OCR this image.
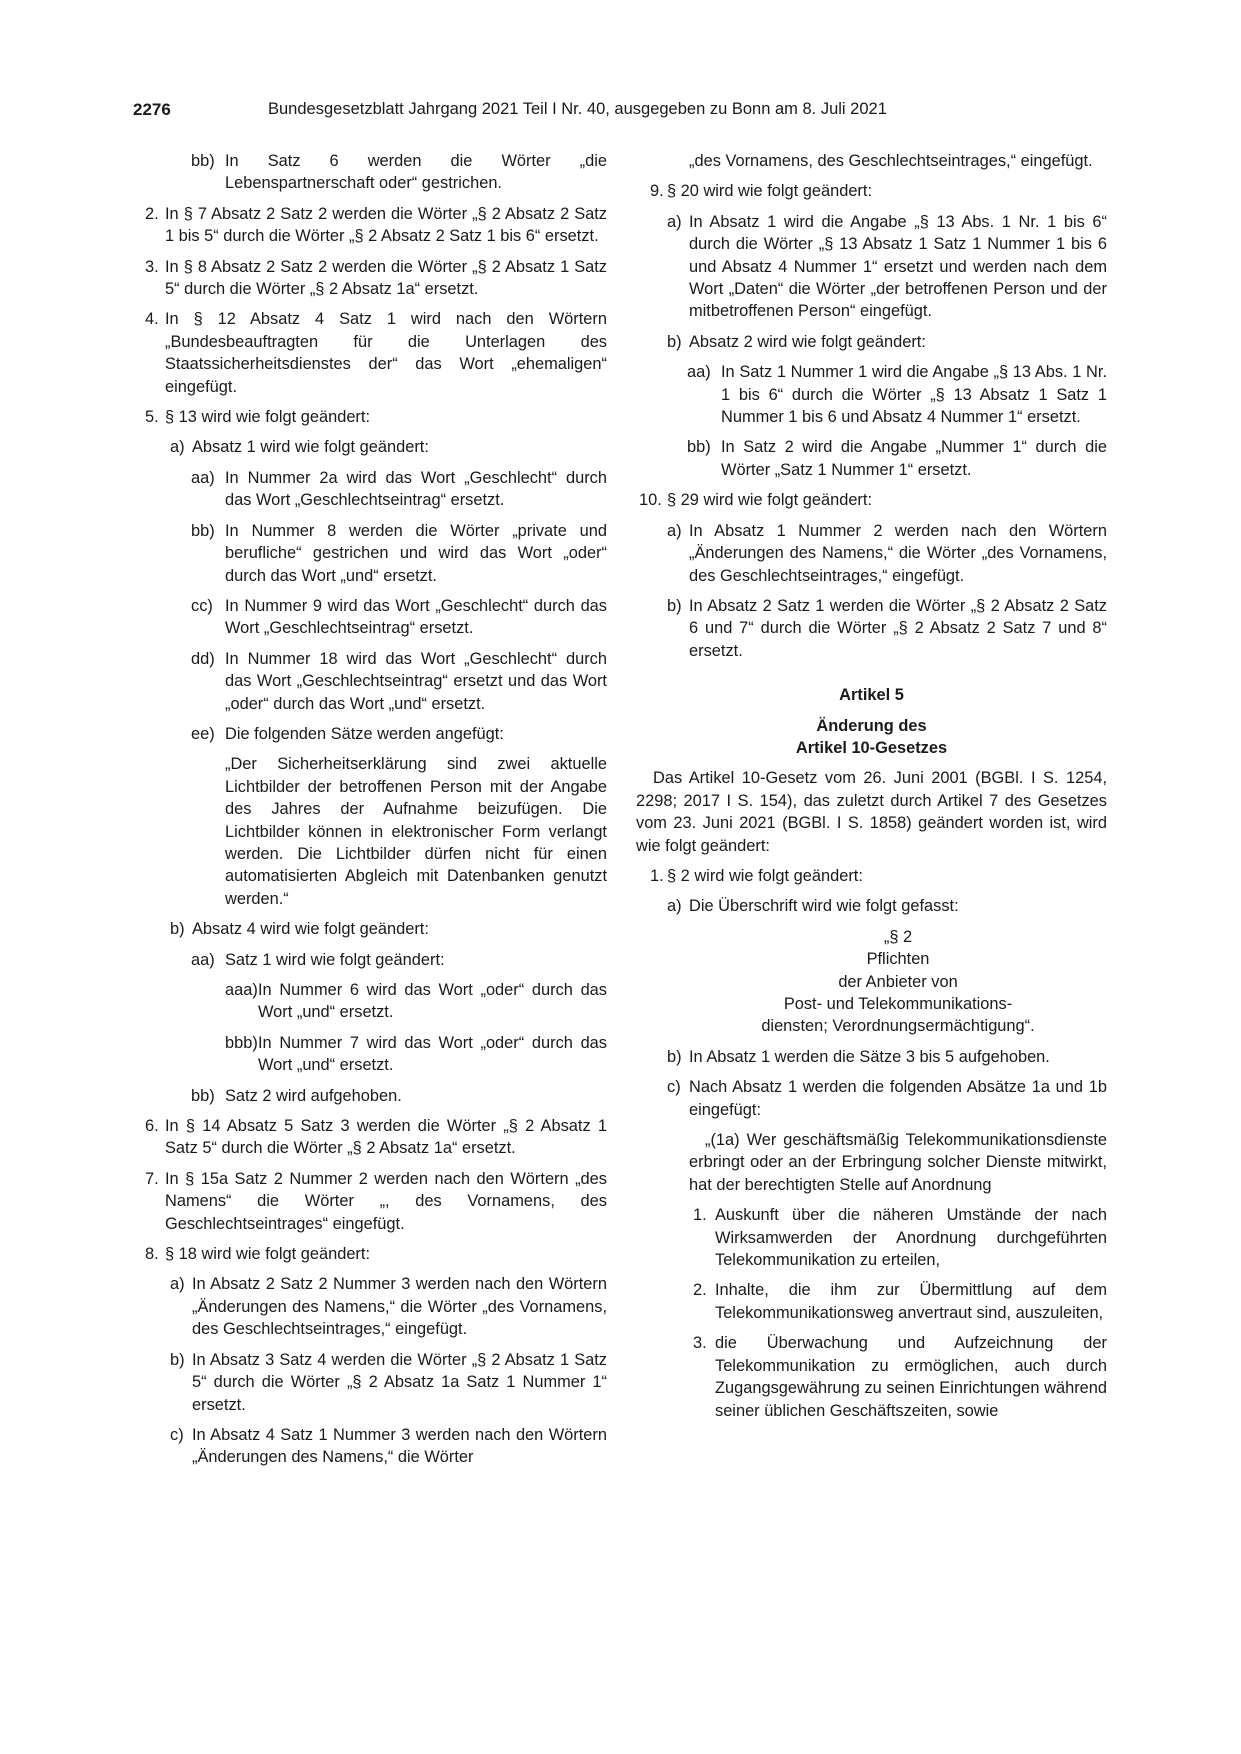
2276	Bundesgesetzblatt Jahrgang 2021 Teil I Nr. 40, ausgegeben zu Bonn am 8. Juli 2021
bb) In Satz 6 werden die Wörter „die Lebenspartnerschaft oder“ gestrichen.
2. In § 7 Absatz 2 Satz 2 werden die Wörter „§ 2 Absatz 2 Satz 1 bis 5“ durch die Wörter „§ 2 Absatz 2 Satz 1 bis 6“ ersetzt.
3. In § 8 Absatz 2 Satz 2 werden die Wörter „§ 2 Absatz 1 Satz 5“ durch die Wörter „§ 2 Absatz 1a“ ersetzt.
4. In § 12 Absatz 4 Satz 1 wird nach den Wörtern „Bundesbeauftragten für die Unterlagen des Staatssicherheitsdienstes der“ das Wort „ehemaligen“ eingefügt.
5. § 13 wird wie folgt geändert:
a) Absatz 1 wird wie folgt geändert:
aa) In Nummer 2a wird das Wort „Geschlecht“ durch das Wort „Geschlechtseintrag“ ersetzt.
bb) In Nummer 8 werden die Wörter „private und berufliche“ gestrichen und wird das Wort „oder“ durch das Wort „und“ ersetzt.
cc) In Nummer 9 wird das Wort „Geschlecht“ durch das Wort „Geschlechtseintrag“ ersetzt.
dd) In Nummer 18 wird das Wort „Geschlecht“ durch das Wort „Geschlechtseintrag“ ersetzt und das Wort „oder“ durch das Wort „und“ ersetzt.
ee) Die folgenden Sätze werden angefügt:
„Der Sicherheitserklärung sind zwei aktuelle Lichtbilder der betroffenen Person mit der Angabe des Jahres der Aufnahme beizufügen. Die Lichtbilder können in elektronischer Form verlangt werden. Die Lichtbilder dürfen nicht für einen automatisierten Abgleich mit Datenbanken genutzt werden.“
b) Absatz 4 wird wie folgt geändert:
aa) Satz 1 wird wie folgt geändert:
aaa) In Nummer 6 wird das Wort „oder“ durch das Wort „und“ ersetzt.
bbb) In Nummer 7 wird das Wort „oder“ durch das Wort „und“ ersetzt.
bb) Satz 2 wird aufgehoben.
6. In § 14 Absatz 5 Satz 3 werden die Wörter „§ 2 Absatz 1 Satz 5“ durch die Wörter „§ 2 Absatz 1a“ ersetzt.
7. In § 15a Satz 2 Nummer 2 werden nach den Wörtern „des Namens“ die Wörter „, des Vornamens, des Geschlechtseintrages“ eingefügt.
8. § 18 wird wie folgt geändert:
a) In Absatz 2 Satz 2 Nummer 3 werden nach den Wörtern „Änderungen des Namens,“ die Wörter „des Vornamens, des Geschlechtseintrages,“ eingefügt.
b) In Absatz 3 Satz 4 werden die Wörter „§ 2 Absatz 1 Satz 5“ durch die Wörter „§ 2 Absatz 1a Satz 1 Nummer 1“ ersetzt.
c) In Absatz 4 Satz 1 Nummer 3 werden nach den Wörtern „Änderungen des Namens,“ die Wörter
„des Vornamens, des Geschlechtseintrages,“ eingefügt.
9. § 20 wird wie folgt geändert:
a) In Absatz 1 wird die Angabe „§ 13 Abs. 1 Nr. 1 bis 6“ durch die Wörter „§ 13 Absatz 1 Satz 1 Nummer 1 bis 6 und Absatz 4 Nummer 1“ ersetzt und werden nach dem Wort „Daten“ die Wörter „der betroffenen Person und der mitbetroffenen Person“ eingefügt.
b) Absatz 2 wird wie folgt geändert:
aa) In Satz 1 Nummer 1 wird die Angabe „§ 13 Abs. 1 Nr. 1 bis 6“ durch die Wörter „§ 13 Absatz 1 Satz 1 Nummer 1 bis 6 und Absatz 4 Nummer 1“ ersetzt.
bb) In Satz 2 wird die Angabe „Nummer 1“ durch die Wörter „Satz 1 Nummer 1“ ersetzt.
10. § 29 wird wie folgt geändert:
a) In Absatz 1 Nummer 2 werden nach den Wörtern „Änderungen des Namens,“ die Wörter „des Vornamens, des Geschlechtseintrages,“ eingefügt.
b) In Absatz 2 Satz 1 werden die Wörter „§ 2 Absatz 2 Satz 6 und 7“ durch die Wörter „§ 2 Absatz 2 Satz 7 und 8“ ersetzt.
Artikel 5
Änderung des
Artikel 10-Gesetzes
Das Artikel 10-Gesetz vom 26. Juni 2001 (BGBl. I S. 1254, 2298; 2017 I S. 154), das zuletzt durch Artikel 7 des Gesetzes vom 23. Juni 2021 (BGBl. I S. 1858) geändert worden ist, wird wie folgt geändert:
1. § 2 wird wie folgt geändert:
a) Die Überschrift wird wie folgt gefasst:
„§ 2
Pflichten
der Anbieter von
Post- und Telekommunikations-
diensten; Verordnungsermächtigung“.
b) In Absatz 1 werden die Sätze 3 bis 5 aufgehoben.
c) Nach Absatz 1 werden die folgenden Absätze 1a und 1b eingefügt:
„(1a) Wer geschäftsmäßig Telekommunikationsdienste erbringt oder an der Erbringung solcher Dienste mitwirkt, hat der berechtigten Stelle auf Anordnung
1. Auskunft über die näheren Umstände der nach Wirksamwerden der Anordnung durchgeführten Telekommunikation zu erteilen,
2. Inhalte, die ihm zur Übermittlung auf dem Telekommunikationsweg anvertraut sind, auszuleiten,
3. die Überwachung und Aufzeichnung der Telekommunikation zu ermöglichen, auch durch Zugangsgewährung zu seinen Einrichtungen während seiner üblichen Geschäftszeiten, sowie
